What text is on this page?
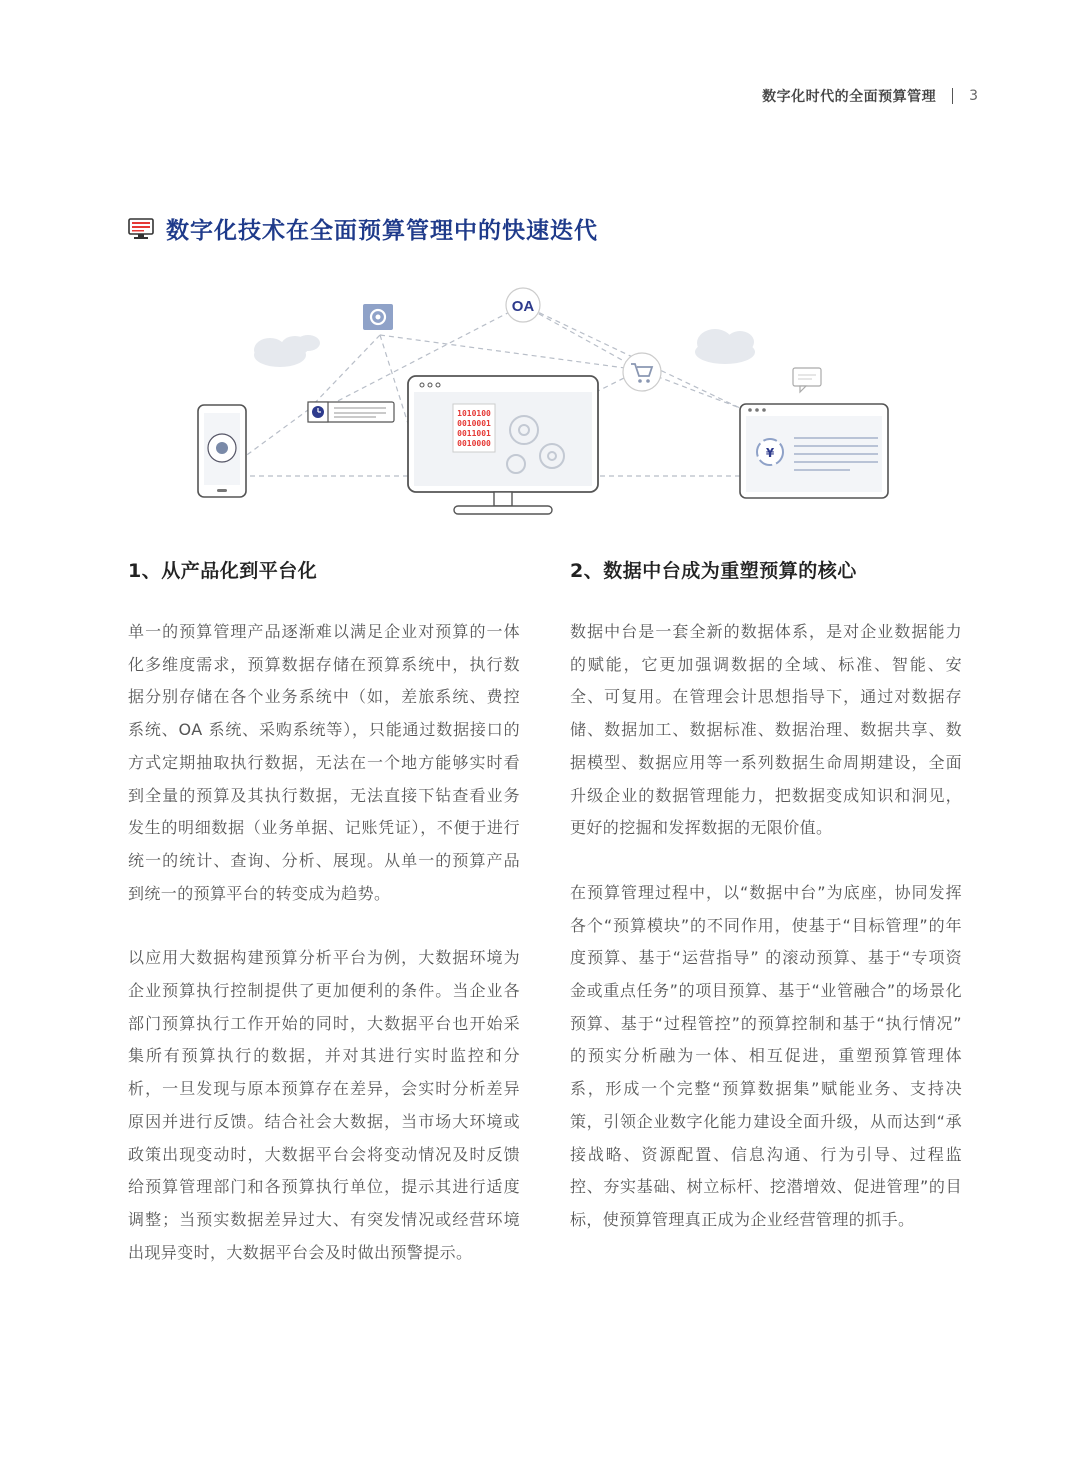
数字化时代的全面预算管理 3
数字化技术在全面预算管理中的快速迭代
OA
1010100
0010001
0011001
0010000
¥
1、从产品化到平台化

单一的预算管理产品逐渐难以满足企业对预算的一体化多维度需求，预算数据存储在预算系统中，执行数据分别存储在各个业务系统中（如，差旅系统、费控系统、OA 系统、采购系统等），只能通过数据接口的方式定期抽取执行数据，无法在一个地方能够实时看到全量的预算及其执行数据，无法直接下钻查看业务发生的明细数据（业务单据、记账凭证），不便于进行统一的统计、查询、分析、展现。从单一的预算产品到统一的预算平台的转变成为趋势。

以应用大数据构建预算分析平台为例，大数据环境为企业预算执行控制提供了更加便利的条件。当企业各部门预算执行工作开始的同时，大数据平台也开始采集所有预算执行的数据，并对其进行实时监控和分析，一旦发现与原本预算存在差异，会实时分析差异原因并进行反馈。结合社会大数据，当市场大环境或政策出现变动时，大数据平台会将变动情况及时反馈给预算管理部门和各预算执行单位，提示其进行适度调整；当预实数据差异过大、有突发情况或经营环境出现异变时，大数据平台会及时做出预警提示。

2、数据中台成为重塑预算的核心

数据中台是一套全新的数据体系，是对企业数据能力的赋能，它更加强调数据的全域、标准、智能、安全、可复用。在管理会计思想指导下，通过对数据存储、数据加工、数据标准、数据治理、数据共享、数据模型、数据应用等一系列数据生命周期建设，全面升级企业的数据管理能力，把数据变成知识和洞见，更好的挖掘和发挥数据的无限价值。

在预算管理过程中，以“数据中台”为底座，协同发挥各个“预算模块”的不同作用，使基于“目标管理”的年度预算、基于“运营指导” 的滚动预算、基于“专项资金或重点任务”的项目预算、基于“业管融合”的场景化预算、基于“过程管控”的预算控制和基于“执行情况” 的预实分析融为一体、相互促进，重塑预算管理体系，形成一个完整“预算数据集”赋能业务、支持决策，引领企业数字化能力建设全面升级，从而达到“承接战略、资源配置、信息沟通、行为引导、过程监控、夯实基础、树立标杆、挖潜增效、促进管理”的目标，使预算管理真正成为企业经营管理的抓手。
